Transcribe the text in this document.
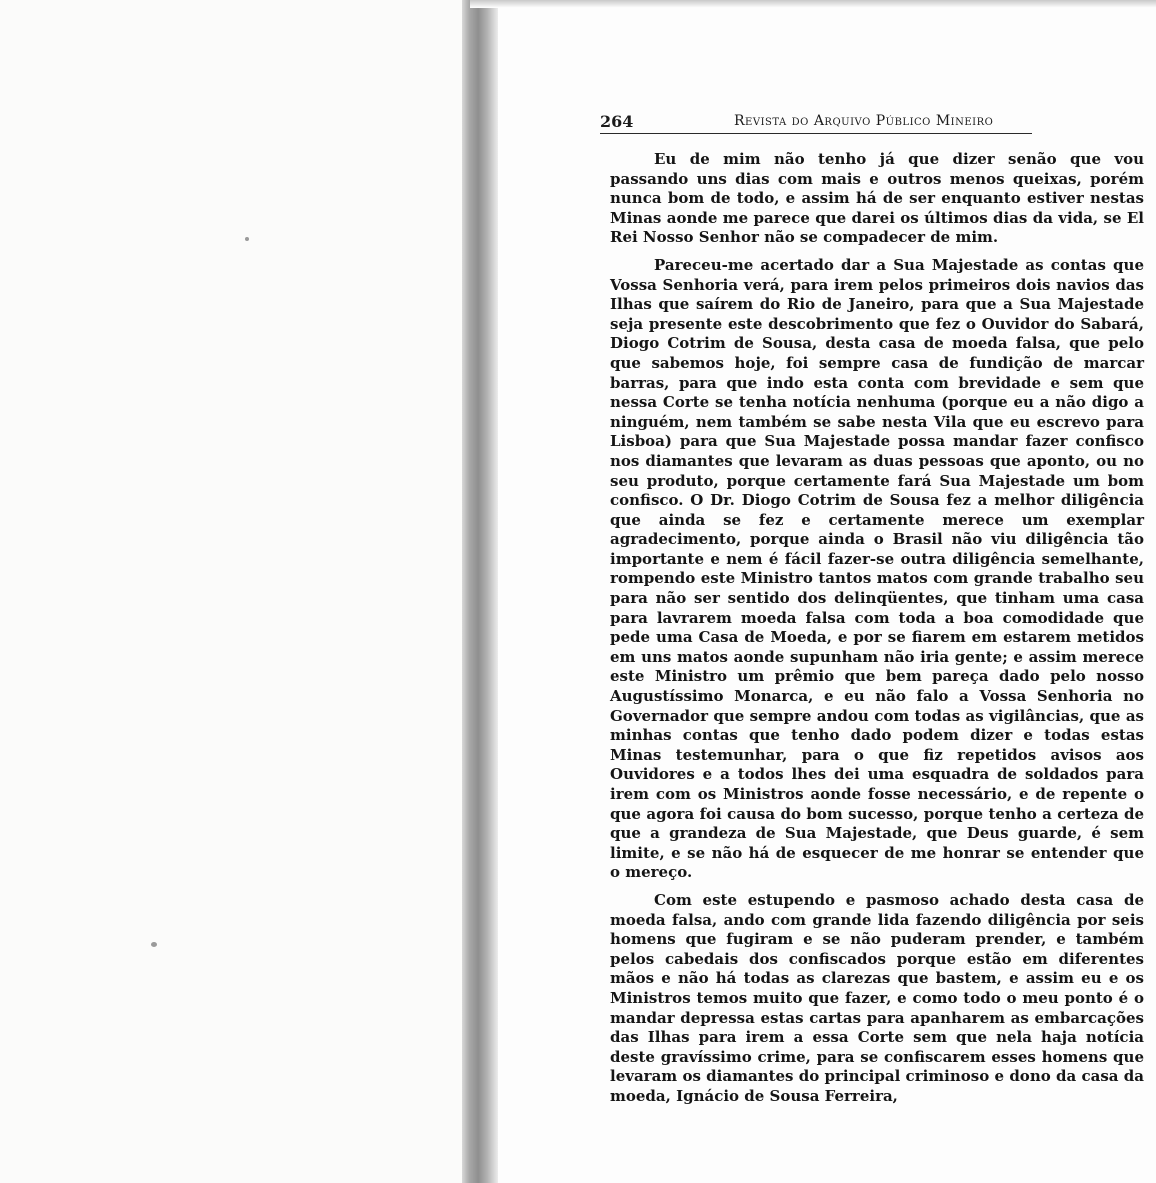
264	Revista do Arquivo Público Mineiro

Eu de mim não tenho já que dizer senão que vou passando uns dias com mais e outros menos queixas, porém nunca bom de todo, e assim há de ser enquanto estiver nestas Minas aonde me parece que darei os últimos dias da vida, se El Rei Nosso Senhor não se compadecer de mim.

Pareceu-me acertado dar a Sua Majestade as contas que Vossa Senhoria verá, para irem pelos primeiros dois navios das Ilhas que saírem do Rio de Janeiro, para que a Sua Majestade seja presente este descobrimento que fez o Ouvidor do Sabará, Diogo Cotrim de Sousa, desta casa de moeda falsa, que pelo que sabemos hoje, foi sempre casa de fundição de marcar barras, para que indo esta conta com brevidade e sem que nessa Corte se tenha notícia nenhuma (porque eu a não digo a ninguém, nem também se sabe nesta Vila que eu escrevo para Lisboa) para que Sua Majestade possa mandar fazer confisco nos diamantes que levaram as duas pessoas que aponto, ou no seu produto, porque certamente fará Sua Majestade um bom confisco. O Dr. Diogo Cotrim de Sousa fez a melhor diligência que ainda se fez e certamente merece um exemplar agradecimento, porque ainda o Brasil não viu diligência tão importante e nem é fácil fazer-se outra diligência semelhante, rompendo este Ministro tantos matos com grande trabalho seu para não ser sentido dos delinqüentes, que tinham uma casa para lavrarem moeda falsa com toda a boa comodidade que pede uma Casa de Moeda, e por se fiarem em estarem metidos em uns matos aonde supunham não iria gente; e assim merece este Ministro um prêmio que bem pareça dado pelo nosso Augustíssimo Monarca, e eu não falo a Vossa Senhoria no Governador que sempre andou com todas as vigilâncias, que as minhas contas que tenho dado podem dizer e todas estas Minas testemunhar, para o que fiz repetidos avisos aos Ouvidores e a todos lhes dei uma esquadra de soldados para irem com os Ministros aonde fosse necessário, e de repente o que agora foi causa do bom sucesso, porque tenho a certeza de que a grandeza de Sua Majestade, que Deus guarde, é sem limite, e se não há de esquecer de me honrar se entender que o mereço.

Com este estupendo e pasmoso achado desta casa de moeda falsa, ando com grande lida fazendo diligência por seis homens que fugiram e se não puderam prender, e também pelos cabedais dos confiscados porque estão em diferentes mãos e não há todas as clarezas que bastem, e assim eu e os Ministros temos muito que fazer, e como todo o meu ponto é o mandar depressa estas cartas para apanharem as embarcações das Ilhas para irem a essa Corte sem que nela haja notícia deste gravíssimo crime, para se confiscarem esses homens que levaram os diamantes do principal criminoso e dono da casa da moeda, Ignácio de Sousa Ferreira,
